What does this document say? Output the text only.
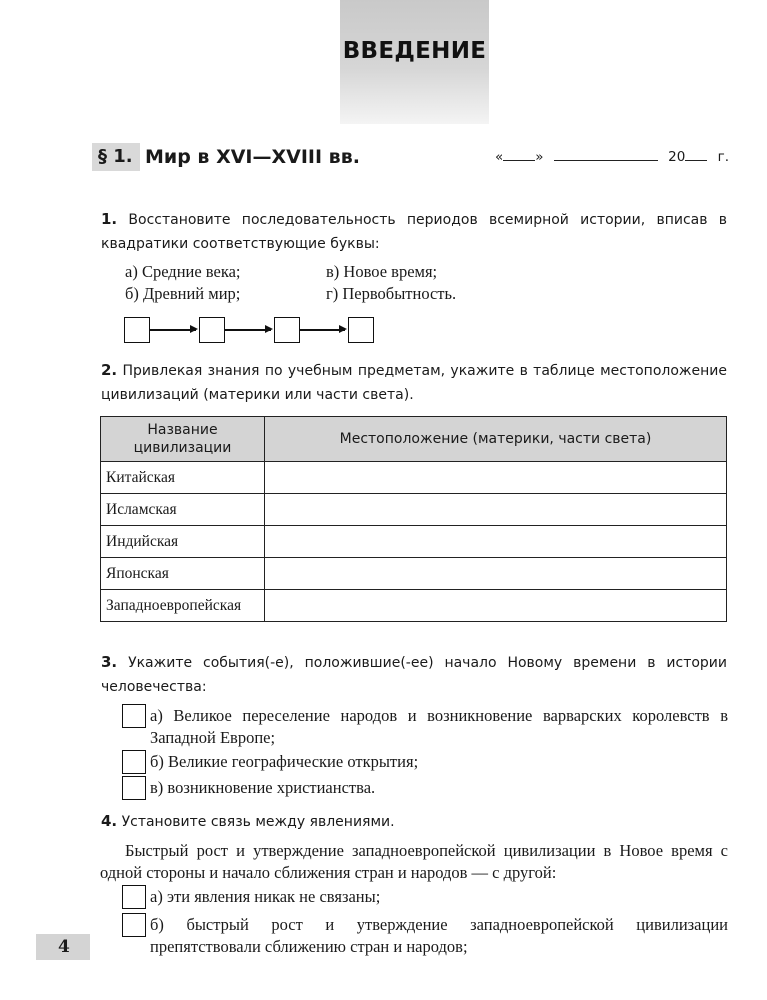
ВВЕДЕНИЕ
§ 1. Мир в XVI—XVIII вв.	« »	20 г.
1. Восстановите последовательность периодов всемирной истории, вписав в квадратики соответствующие буквы:
а) Средние века;
б) Древний мир;
в) Новое время;
г) Первобытность.
2. Привлекая знания по учебным предметам, укажите в таблице местоположение цивилизаций (материки или части света).
Название цивилизации	Местоположение (материки, части света)
Китайская	
Исламская	
Индийская	
Японская	
Западноевропейская	
3. Укажите события(-е), положившие(-ее) начало Новому времени в истории человечества:
а) Великое переселение народов и возникновение варварских королевств в Западной Европе;
б) Великие географические открытия;
в) возникновение христианства.
4. Установите связь между явлениями.
Быстрый рост и утверждение западноевропейской цивилизации в Новое время с одной стороны и начало сближения стран и народов — с другой:
а) эти явления никак не связаны;
б) быстрый рост и утверждение западноевропейской цивилизации препятствовали сближению стран и народов;
4
